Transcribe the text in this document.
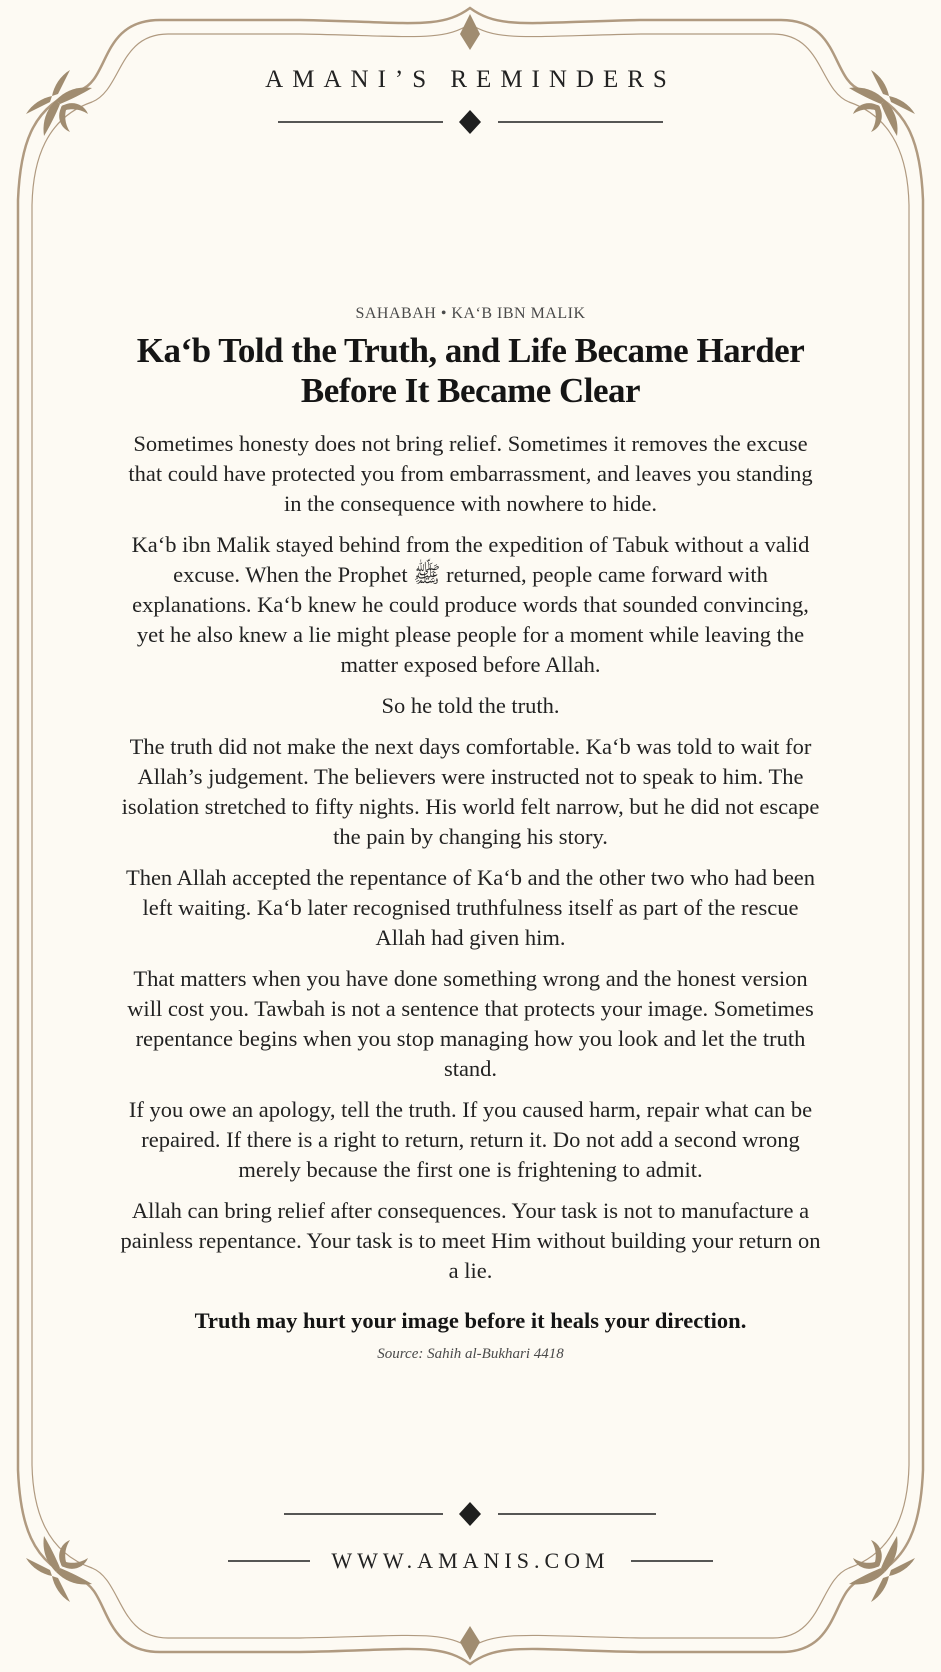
AMANI’S REMINDERS
SAHABAH • KA‘B IBN MALIK
Ka‘b Told the Truth, and Life Became Harder Before It Became Clear

Sometimes honesty does not bring relief. Sometimes it removes the excuse that could have protected you from embarrassment, and leaves you standing in the consequence with nowhere to hide.

Ka‘b ibn Malik stayed behind from the expedition of Tabuk without a valid excuse. When the Prophet ﷺ returned, people came forward with explanations. Ka‘b knew he could produce words that sounded convincing, yet he also knew a lie might please people for a moment while leaving the matter exposed before Allah.

So he told the truth.

The truth did not make the next days comfortable. Ka‘b was told to wait for Allah’s judgement. The believers were instructed not to speak to him. The isolation stretched to fifty nights. His world felt narrow, but he did not escape the pain by changing his story.

Then Allah accepted the repentance of Ka‘b and the other two who had been left waiting. Ka‘b later recognised truthfulness itself as part of the rescue Allah had given him.

That matters when you have done something wrong and the honest version will cost you. Tawbah is not a sentence that protects your image. Sometimes repentance begins when you stop managing how you look and let the truth stand.

If you owe an apology, tell the truth. If you caused harm, repair what can be repaired. If there is a right to return, return it. Do not add a second wrong merely because the first one is frightening to admit.

Allah can bring relief after consequences. Your task is not to manufacture a painless repentance. Your task is to meet Him without building your return on a lie.

Truth may hurt your image before it heals your direction.
Source: Sahih al-Bukhari 4418
WWW.AMANIS.COM
